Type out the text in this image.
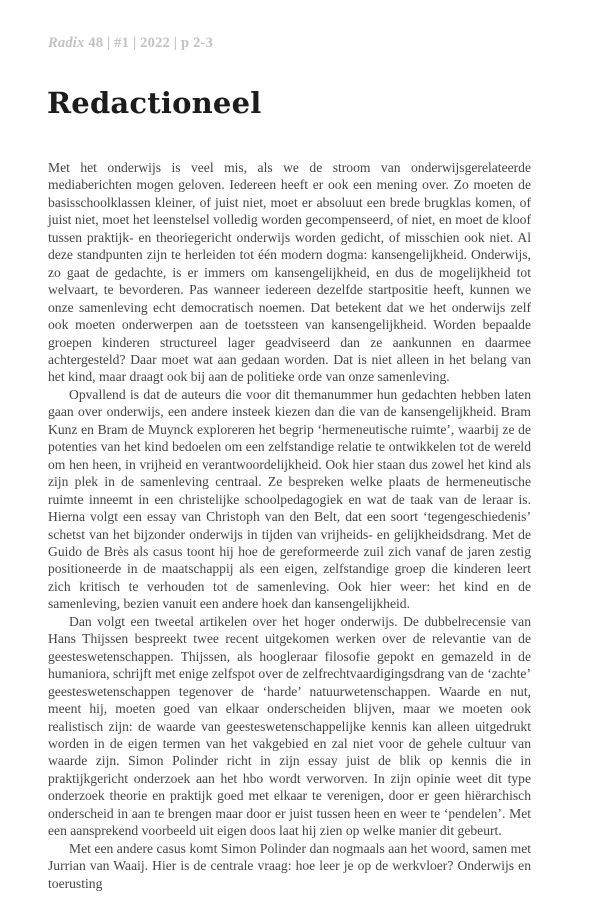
Radix 48 | #1 | 2022 | p 2-3
Redactioneel

Met het onderwijs is veel mis, als we de stroom van onderwijsgerelateerde mediaberichten mogen geloven. Iedereen heeft er ook een mening over. Zo moeten de basisschoolklassen kleiner, of juist niet, moet er absoluut een brede brugklas komen, of juist niet, moet het leenstelsel volledig worden gecompenseerd, of niet, en moet de kloof tussen praktijk- en theoriegericht onderwijs worden gedicht, of misschien ook niet. Al deze standpunten zijn te herleiden tot één modern dogma: kansengelijkheid. Onderwijs, zo gaat de gedachte, is er immers om kansengelijkheid, en dus de mogelijkheid tot welvaart, te bevorderen. Pas wanneer iedereen dezelfde startpositie heeft, kunnen we onze samenleving echt democratisch noemen. Dat betekent dat we het onderwijs zelf ook moeten onderwerpen aan de toetssteen van kansengelijkheid. Worden bepaalde groepen kinderen structureel lager geadviseerd dan ze aankunnen en daarmee achtergesteld? Daar moet wat aan gedaan worden. Dat is niet alleen in het belang van het kind, maar draagt ook bij aan de politieke orde van onze samenleving.

Opvallend is dat de auteurs die voor dit themanummer hun gedachten hebben laten gaan over onderwijs, een andere insteek kiezen dan die van de kansengelijkheid. Bram Kunz en Bram de Muynck exploreren het begrip ‘hermeneutische ruimte’, waarbij ze de potenties van het kind bedoelen om een zelfstandige relatie te ontwikkelen tot de wereld om hen heen, in vrijheid en verantwoordelijkheid. Ook hier staan dus zowel het kind als zijn plek in de samenleving centraal. Ze bespreken welke plaats de hermeneutische ruimte inneemt in een christelijke schoolpedagogiek en wat de taak van de leraar is. Hierna volgt een essay van Christoph van den Belt, dat een soort ‘tegengeschiedenis’ schetst van het bijzonder onderwijs in tijden van vrijheids- en gelijkheidsdrang. Met de Guido de Brès als casus toont hij hoe de gereformeerde zuil zich vanaf de jaren zestig positioneerde in de maatschappij als een eigen, zelfstandige groep die kinderen leert zich kritisch te verhouden tot de samenleving. Ook hier weer: het kind en de samenleving, bezien vanuit een andere hoek dan kansengelijkheid.

Dan volgt een tweetal artikelen over het hoger onderwijs. De dubbelrecensie van Hans Thijssen bespreekt twee recent uitgekomen werken over de relevantie van de geesteswetenschappen. Thijssen, als hoogleraar filosofie gepokt en gemazeld in de humaniora, schrijft met enige zelfspot over de zelfrechtvaardigingsdrang van de ‘zachte’ geesteswetenschappen tegenover de ‘harde’ natuurwetenschappen. Waarde en nut, meent hij, moeten goed van elkaar onderscheiden blijven, maar we moeten ook realistisch zijn: de waarde van geesteswetenschappelijke kennis kan alleen uitgedrukt worden in de eigen termen van het vakgebied en zal niet voor de gehele cultuur van waarde zijn. Simon Polinder richt in zijn essay juist de blik op kennis die in praktijkgericht onderzoek aan het hbo wordt verworven. In zijn opinie weet dit type onderzoek theorie en praktijk goed met elkaar te verenigen, door er geen hiërarchisch onderscheid in aan te brengen maar door er juist tussen heen en weer te ‘pendelen’. Met een aansprekend voorbeeld uit eigen doos laat hij zien op welke manier dit gebeurt.

Met een andere casus komt Simon Polinder dan nogmaals aan het woord, samen met Jurrian van Waaij. Hier is de centrale vraag: hoe leer je op de werkvloer? Onderwijs en toerusting
